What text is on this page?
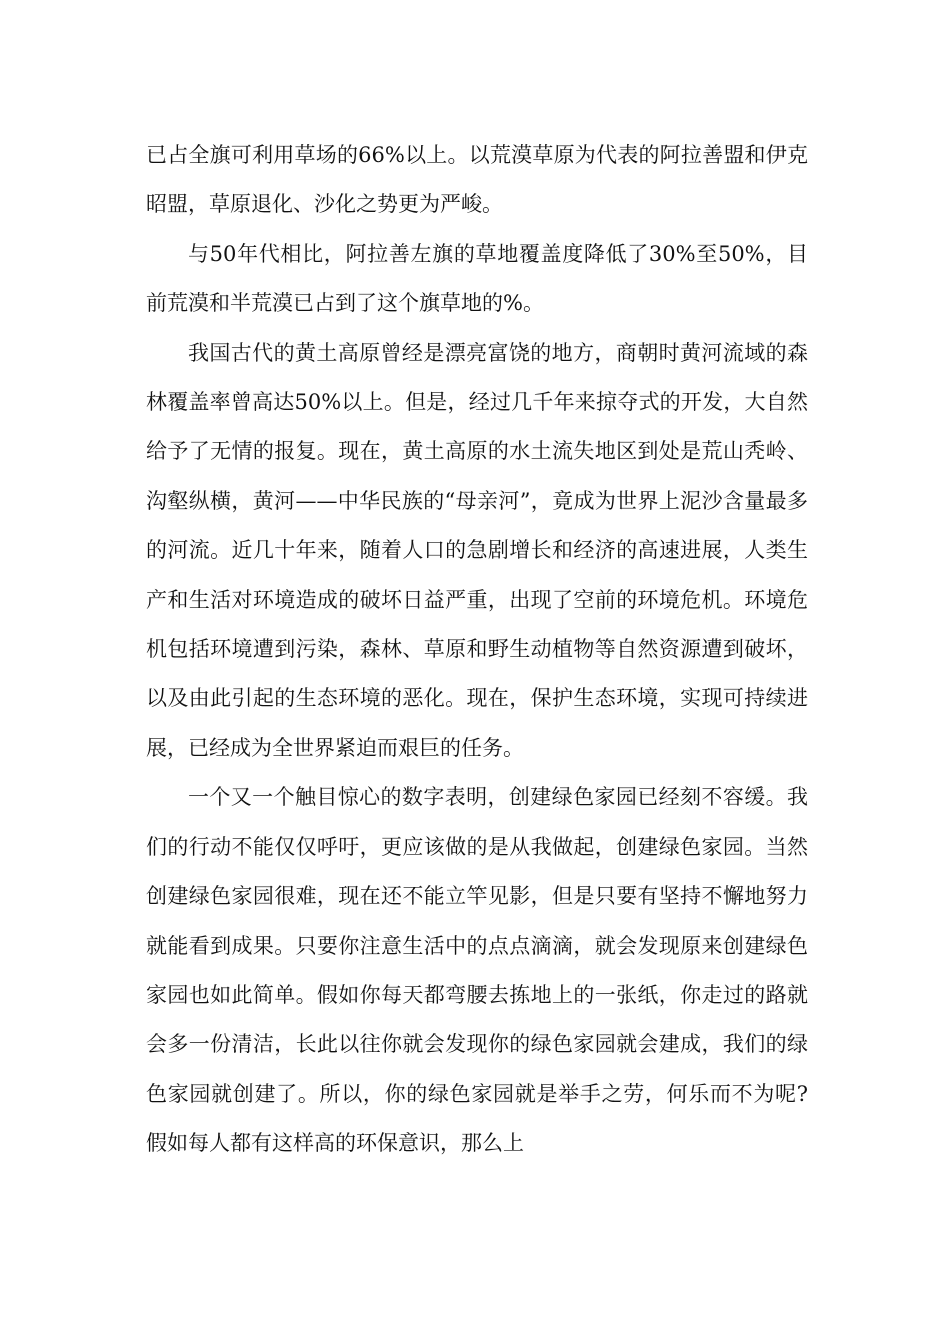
已占全旗可利用草场的66%以上。以荒漠草原为代表的阿拉善盟和伊克昭盟，草原退化、沙化之势更为严峻。

与50年代相比，阿拉善左旗的草地覆盖度降低了30%至50%，目前荒漠和半荒漠已占到了这个旗草地的%。

我国古代的黄土高原曾经是漂亮富饶的地方，商朝时黄河流域的森林覆盖率曾高达50%以上。但是，经过几千年来掠夺式的开发，大自然给予了无情的报复。现在，黄土高原的水土流失地区到处是荒山秃岭、沟壑纵横，黄河——中华民族的“母亲河”，竟成为世界上泥沙含量最多的河流。近几十年来，随着人口的急剧增长和经济的高速进展，人类生产和生活对环境造成的破坏日益严重，出现了空前的环境危机。环境危机包括环境遭到污染，森林、草原和野生动植物等自然资源遭到破坏，以及由此引起的生态环境的恶化。现在，保护生态环境，实现可持续进展，已经成为全世界紧迫而艰巨的任务。

一个又一个触目惊心的数字表明，创建绿色家园已经刻不容缓。我们的行动不能仅仅呼吁，更应该做的是从我做起，创建绿色家园。当然创建绿色家园很难，现在还不能立竿见影，但是只要有坚持不懈地努力就能看到成果。只要你注意生活中的点点滴滴，就会发现原来创建绿色家园也如此简单。假如你每天都弯腰去拣地上的一张纸，你走过的路就会多一份清洁，长此以往你就会发现你的绿色家园就会建成，我们的绿色家园就创建了。所以，你的绿色家园就是举手之劳，何乐而不为呢?假如每人都有这样高的环保意识，那么上
